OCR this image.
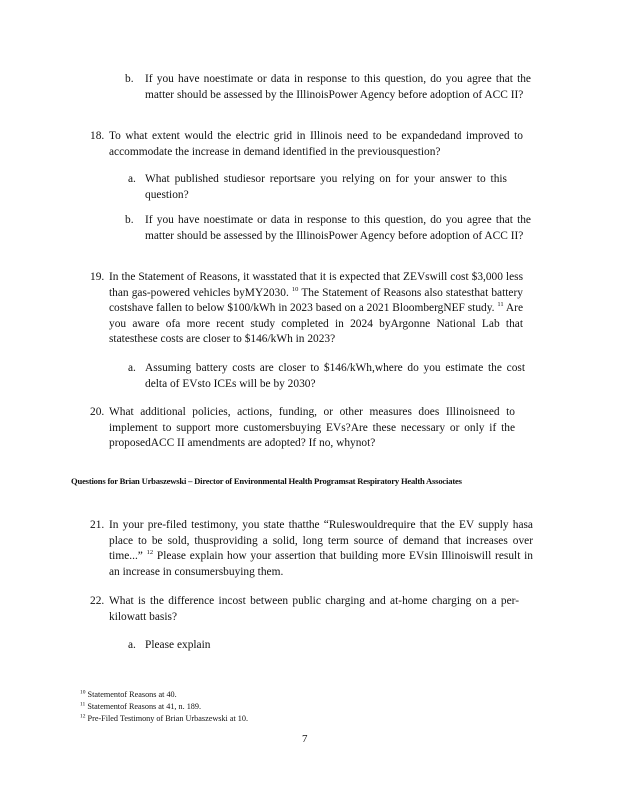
b. If you have noestimate or data in response to this question, do you agree that the matter should be assessed by the IllinoisPower Agency before adoption of ACC II?
18. To what extent would the electric grid in Illinois need to be expandedand improved to accommodate the increase in demand identified in the previousquestion?
a. What published studiesor reportsare you relying on for your answer to this question?
b. If you have noestimate or data in response to this question, do you agree that the matter should be assessed by the IllinoisPower Agency before adoption of ACC II?
19. In the Statement of Reasons, it wasstated that it is expected that ZEVswill cost $3,000 less than gas-powered vehicles byMY2030. $^{10}$ The Statement of Reasons also statesthat battery costshave fallen to below $100/kWh in 2023 based on a 2021 BloombergNEF study. $^{11}$ Are you aware ofa more recent study completed in 2024 byArgonne National Lab that statesthese costs are closer to $146/kWh in 2023?
a. Assuming battery costs are closer to $146/kWh,where do you estimate the cost delta of EVsto ICEs will be by 2030?
20. What additional policies, actions, funding, or other measures does Illinoisneed to implement to support more customersbuying EVs?Are these necessary or only if the proposedACC II amendments are adopted? If no, whynot?
Questions for Brian Urbaszewski – Director of Environmental Health Programsat Respiratory Health Associates
21. In your pre-filed testimony, you state thatthe “Ruleswouldrequire that the EV supply hasa place to be sold, thusproviding a solid, long term source of demand that increases over time...” $^{12}$ Please explain how your assertion that building more EVsin Illinoiswill result in an increase in consumersbuying them.
22. What is the difference incost between public charging and at-home charging on a per-kilowatt basis?
a. Please explain
$^{10}$ Statementof Reasons at 40.
$^{11}$ Statementof Reasons at 41, n. 189.
$^{12}$ Pre-Filed Testimony of Brian Urbaszewski at 10.
7
